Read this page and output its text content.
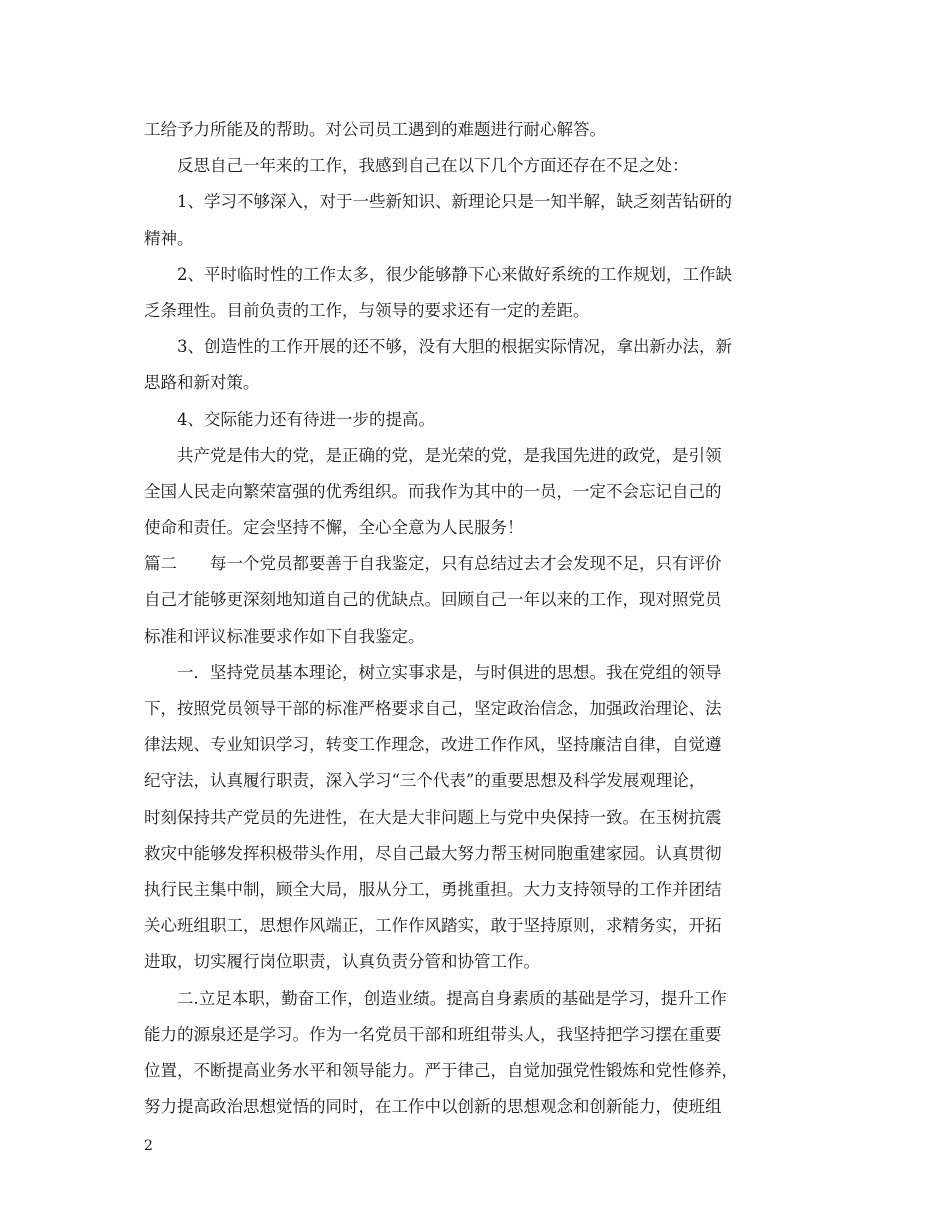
工给予力所能及的帮助。对公司员工遇到的难题进行耐心解答。
反思自己一年来的工作，我感到自己在以下几个方面还存在不足之处：
1、学习不够深入，对于一些新知识、新理论只是一知半解，缺乏刻苦钻研的
精神。
2、平时临时性的工作太多，很少能够静下心来做好系统的工作规划，工作缺
乏条理性。目前负责的工作，与领导的要求还有一定的差距。
3、创造性的工作开展的还不够，没有大胆的根据实际情况，拿出新办法，新
思路和新对策。
4、交际能力还有待进一步的提高。
共产党是伟大的党，是正确的党，是光荣的党，是我国先进的政党，是引领
全国人民走向繁荣富强的优秀组织。而我作为其中的一员，一定不会忘记自己的
使命和责任。定会坚持不懈，全心全意为人民服务！
篇二　　每一个党员都要善于自我鉴定，只有总结过去才会发现不足，只有评价
自己才能够更深刻地知道自己的优缺点。回顾自己一年以来的工作，现对照党员
标准和评议标准要求作如下自我鉴定。
一．坚持党员基本理论，树立实事求是，与时俱进的思想。我在党组的领导
下，按照党员领导干部的标准严格要求自己，坚定政治信念，加强政治理论、法
律法规、专业知识学习，转变工作理念，改进工作作风，坚持廉洁自律，自觉遵
纪守法，认真履行职责，深入学习“三个代表”的重要思想及科学发展观理论，
时刻保持共产党员的先进性，在大是大非问题上与党中央保持一致。在玉树抗震
救灾中能够发挥积极带头作用，尽自己最大努力帮玉树同胞重建家园。认真贯彻
执行民主集中制，顾全大局，服从分工，勇挑重担。大力支持领导的工作并团结
关心班组职工，思想作风端正，工作作风踏实，敢于坚持原则，求精务实，开拓
进取，切实履行岗位职责，认真负责分管和协管工作。
二.立足本职，勤奋工作，创造业绩。提高自身素质的基础是学习，提升工作
能力的源泉还是学习。作为一名党员干部和班组带头人，我坚持把学习摆在重要
位置，不断提高业务水平和领导能力。严于律己，自觉加强党性锻炼和党性修养，
努力提高政治思想觉悟的同时，在工作中以创新的思想观念和创新能力，使班组
2
